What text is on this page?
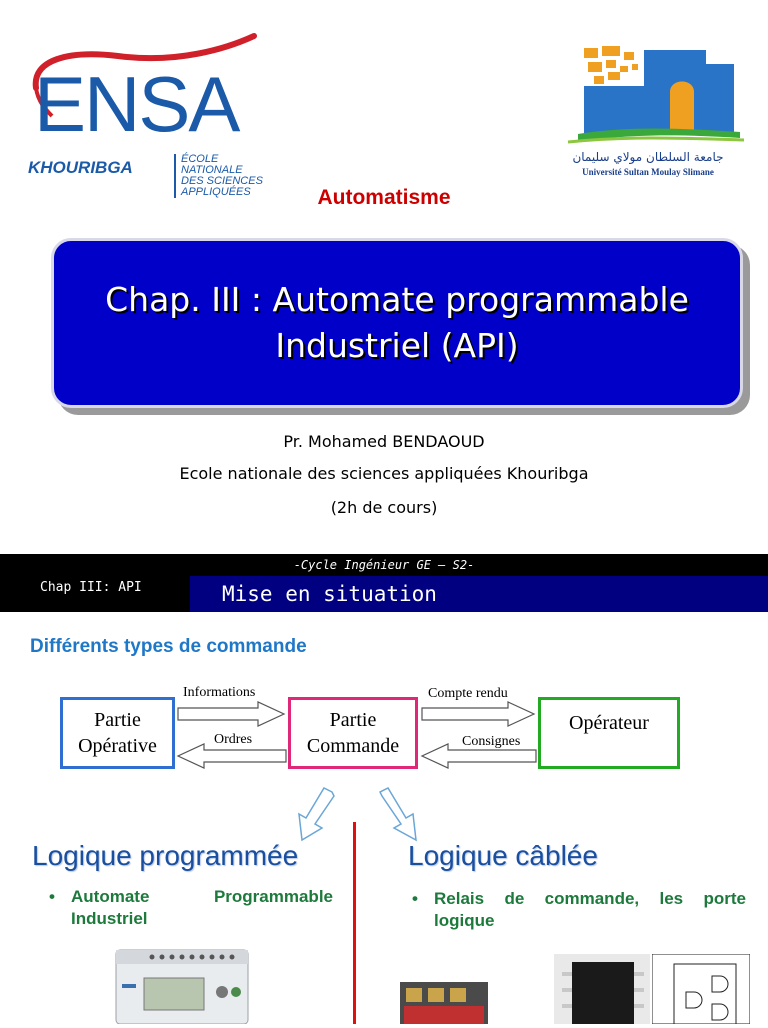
ENSA
KHOURIBGA	ÉCOLE
NATIONALE
DES SCIENCES
APPLIQUÉES
جامعة السلطان مولاي سليمان
Université Sultan Moulay Slimane
Automatisme
Chap. III : Automate programmable
Industriel (API)
Pr. Mohamed BENDAOUD
Ecole nationale des sciences appliquées Khouribga
(2h de cours)
-Cycle Ingénieur GE – S2-
Chap III: API	Mise en situation
Différents types de commande
Partie
Opérative
Partie
Commande
Opérateur
Informations
Ordres
Compte rendu
Consignes
Logique programmée
• Automate	Programmable
Industriel
Logique câblée
• Relais de commande, les porte
logique
